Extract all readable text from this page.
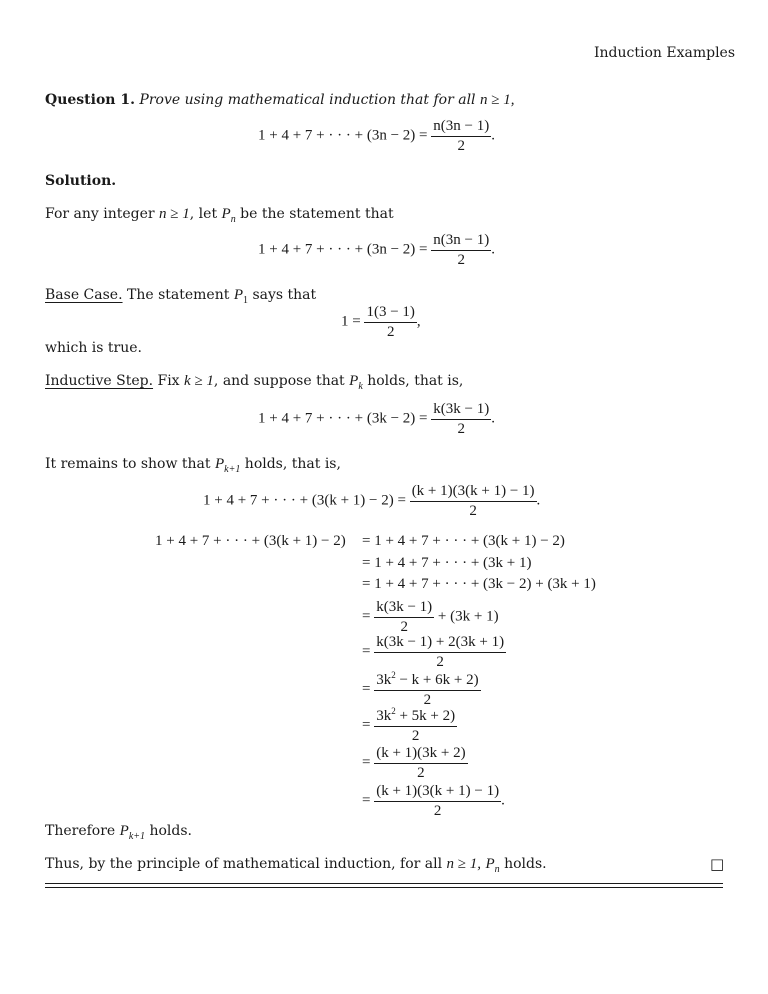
Induction Examples
Question 1. Prove using mathematical induction that for all n ≥ 1,
1 + 4 + 7 + · · · + $(3n - 2) = \frac{n(3n - 1)}{2}$ .
Solution.
For any integer n ≥ 1, let $P_n$ be the statement that
1 + 4 + 7 + · · · + $(3n - 2) = \frac{n(3n - 1)}{2}$ .
Base Case. The statement $P_1$ says that
$1 = \frac{1(3 - 1)}{2}$ ,
which is true.
Inductive Step. Fix k ≥ 1, and suppose that $P_k$ holds, that is,
1 + 4 + 7 + · · · + $(3k - 2) = \frac{k(3k - 1)}{2}$ .
It remains to show that $P_{k+1}$ holds, that is,
1 + 4 + 7 + · · · + $(3(k + 1) - 2) = \frac{(k + 1)(3(k + 1) - 1)}{2}$ .
1 + 4 + 7 + · · · + (3(k + 1) − 2) = 1 + 4 + 7 + · · · + (3(k + 1) − 2)
= 1 + 4 + 7 + · · · + (3k + 1)
= 1 + 4 + 7 + · · · + (3k − 2) + (3k + 1)
= $\frac{k(3k - 1)}{2} + (3k + 1)$
= $\frac{k(3k - 1) + 2(3k + 1)}{2}$
= $\frac{3k^2 - k + 6k + 2)}{2}$
= $\frac{3k^2 + 5k + 2)}{2}$
= $\frac{(k + 1)(3k + 2)}{2}$
= $\frac{(k + 1)(3(k + 1) - 1)}{2}$ .
Therefore $P_{k+1}$ holds.
Thus, by the principle of mathematical induction, for all n ≥ 1, $P_n$ holds.	□
